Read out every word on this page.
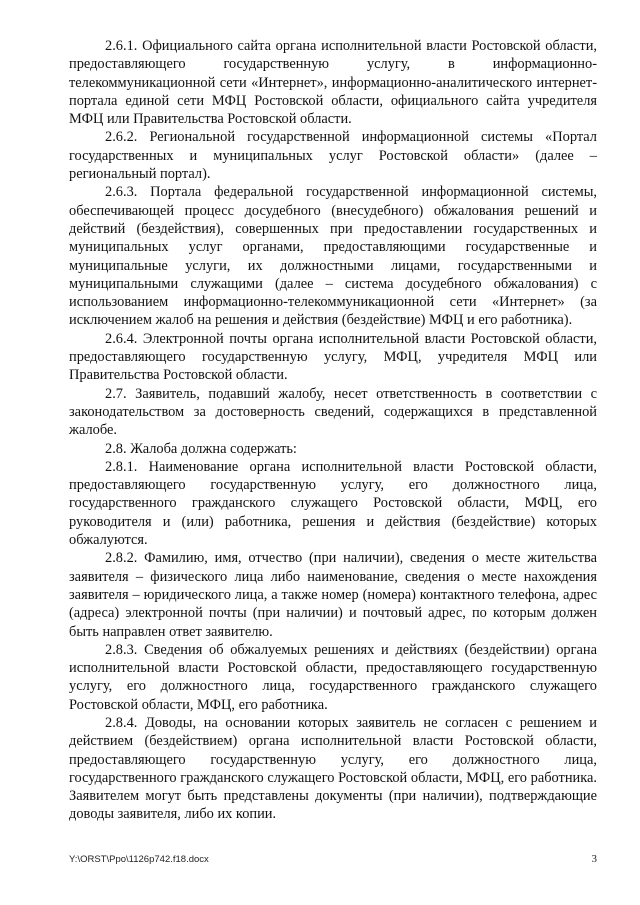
2.6.1. Официального сайта органа исполнительной власти Ростовской области, предоставляющего государственную услугу, в информационно-телекоммуникационной сети «Интернет», информационно-аналитического интернет-портала единой сети МФЦ Ростовской области, официального сайта учредителя МФЦ или Правительства Ростовской области.

2.6.2. Региональной государственной информационной системы «Портал государственных и муниципальных услуг Ростовской области» (далее – региональный портал).

2.6.3. Портала федеральной государственной информационной системы, обеспечивающей процесс досудебного (внесудебного) обжалования решений и действий (бездействия), совершенных при предоставлении государственных и муниципальных услуг органами, предоставляющими государственные и муниципальные услуги, их должностными лицами, государственными и муниципальными служащими (далее – система досудебного обжалования) с использованием информационно-телекоммуникационной сети «Интернет» (за исключением жалоб на решения и действия (бездействие) МФЦ и его работника).

2.6.4. Электронной почты органа исполнительной власти Ростовской области, предоставляющего государственную услугу, МФЦ, учредителя МФЦ или Правительства Ростовской области.

2.7. Заявитель, подавший жалобу, несет ответственность в соответствии с законодательством за достоверность сведений, содержащихся в представленной жалобе.

2.8. Жалоба должна содержать:

2.8.1. Наименование органа исполнительной власти Ростовской области, предоставляющего государственную услугу, его должностного лица, государственного гражданского служащего Ростовской области, МФЦ, его руководителя и (или) работника, решения и действия (бездействие) которых обжалуются.

2.8.2. Фамилию, имя, отчество (при наличии), сведения о месте жительства заявителя – физического лица либо наименование, сведения о месте нахождения заявителя – юридического лица, а также номер (номера) контактного телефона, адрес (адреса) электронной почты (при наличии) и почтовый адрес, по которым должен быть направлен ответ заявителю.

2.8.3. Сведения об обжалуемых решениях и действиях (бездействии) органа исполнительной власти Ростовской области, предоставляющего государственную услугу, его должностного лица, государственного гражданского служащего Ростовской области, МФЦ, его работника.

2.8.4. Доводы, на основании которых заявитель не согласен с решением и действием (бездействием) органа исполнительной власти Ростовской области, предоставляющего государственную услугу, его должностного лица, государственного гражданского служащего Ростовской области, МФЦ, его работника. Заявителем могут быть представлены документы (при наличии), подтверждающие доводы заявителя, либо их копии.

Y:\ORST\Ppo\1126p742.f18.docx	3
